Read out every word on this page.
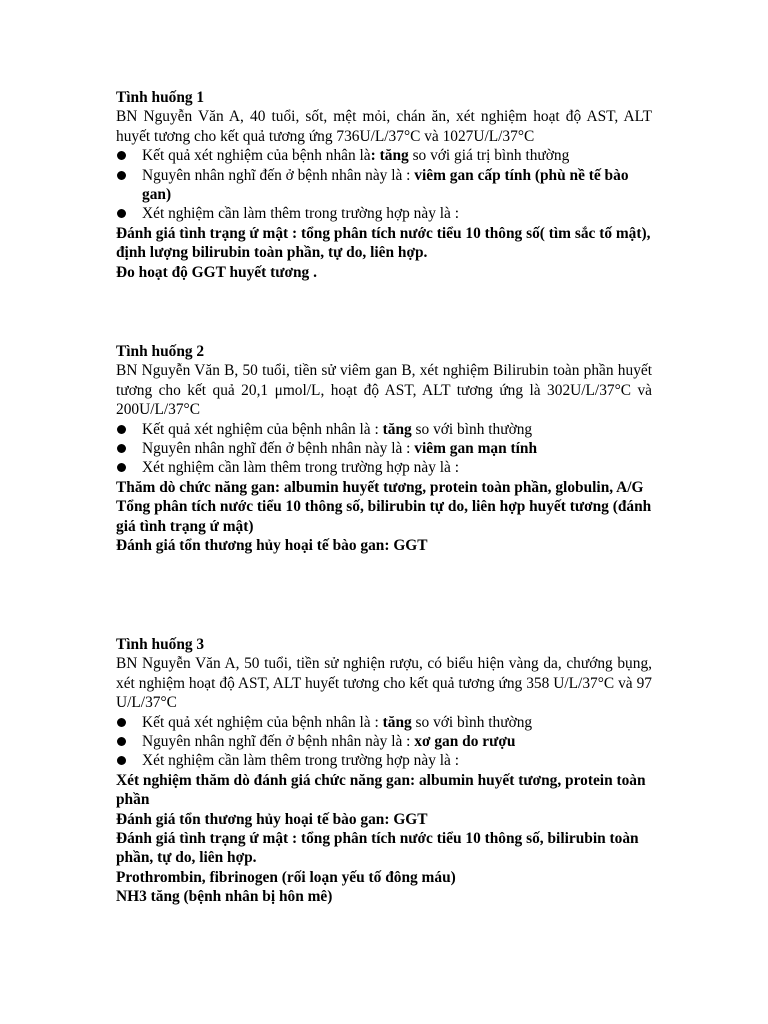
Tình huống 1

BN Nguyễn Văn A, 40 tuổi, sốt, mệt mỏi, chán ăn, xét nghiệm hoạt độ AST, ALT huyết tương cho kết quả tương ứng 736U/L/37°C và 1027U/L/37°C

Kết quả xét nghiệm của bệnh nhân là: tăng so với giá trị bình thường
Nguyên nhân nghĩ đến ở bệnh nhân này là : viêm gan cấp tính (phù nề tế bào gan)
Xét nghiệm cần làm thêm trong trường hợp này là :

Đánh giá tình trạng ứ mật : tổng phân tích nước tiểu 10 thông số( tìm sắc tố mật), định lượng bilirubin toàn phần, tự do, liên hợp.

Đo hoạt độ GGT huyết tương .

Tình huống 2

BN Nguyễn Văn B, 50 tuổi, tiền sử viêm gan B, xét nghiệm Bilirubin toàn phần huyết tương cho kết quả 20,1 μmol/L, hoạt độ AST, ALT tương ứng là 302U/L/37°C và 200U/L/37°C

Kết quả xét nghiệm của bệnh nhân là : tăng so với bình thường
Nguyên nhân nghĩ đến ở bệnh nhân này là : viêm gan mạn tính
Xét nghiệm cần làm thêm trong trường hợp này là :

Thăm dò chức năng gan: albumin huyết tương, protein toàn phần, globulin, A/G

Tổng phân tích nước tiểu 10 thông số, bilirubin tự do, liên hợp huyết tương (đánh giá tình trạng ứ mật)

Đánh giá tổn thương hủy hoại tế bào gan: GGT

Tình huống 3

BN Nguyễn Văn A, 50 tuổi, tiền sử nghiện rượu, có biểu hiện vàng da, chướng bụng, xét nghiệm hoạt độ AST, ALT huyết tương cho kết quả tương ứng 358 U/L/37°C và 97 U/L/37°C

Kết quả xét nghiệm của bệnh nhân là : tăng so với bình thường
Nguyên nhân nghĩ đến ở bệnh nhân này là : xơ gan do rượu
Xét nghiệm cần làm thêm trong trường hợp này là :

Xét nghiệm thăm dò đánh giá chức năng gan: albumin huyết tương, protein toàn phần

Đánh giá tổn thương hủy hoại tế bào gan: GGT

Đánh giá tình trạng ứ mật : tổng phân tích nước tiểu 10 thông số, bilirubin toàn phần, tự do, liên hợp.

Prothrombin, fibrinogen (rối loạn yếu tố đông máu)

NH3 tăng (bệnh nhân bị hôn mê)
